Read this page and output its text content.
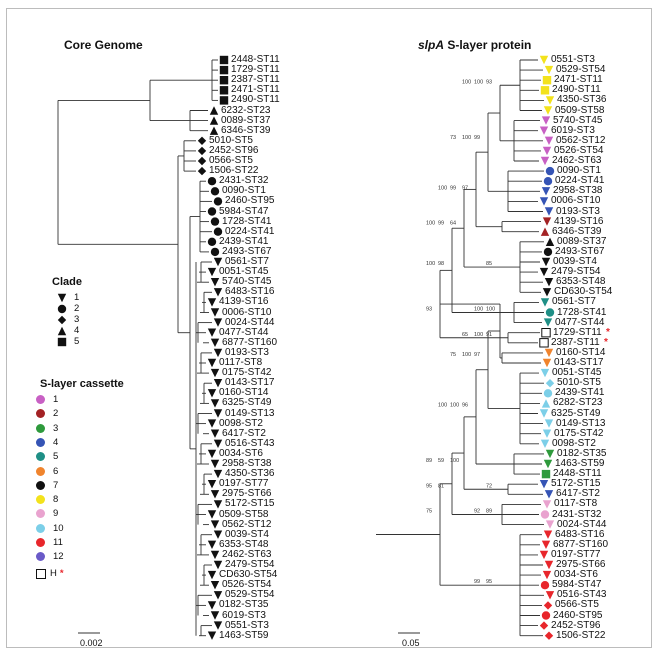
Core Genome	slpA S-layer protein
93
99
97
64
98
93
91
97
96
100
81
75
95
100
100
99
99
100
100
100
100
100
59
95
89
99
100
73
100
100
85
100
65
75
100
89
72
92
2448-ST11
1729-ST11
2387-ST11
2471-ST11
2490-ST11
6232-ST23
0089-ST37
6346-ST39
5010-ST5
2452-ST96
0566-ST5
1506-ST22
2431-ST32
0090-ST1
2460-ST95
5984-ST47
1728-ST41
0224-ST41
2439-ST41
2493-ST67
0561-ST7
0051-ST45
5740-ST45
6483-ST16
4139-ST16
0006-ST10
0024-ST44
0477-ST44
6877-ST160
0193-ST3
0117-ST8
0175-ST42
0143-ST17
0160-ST14
6325-ST49
0149-ST13
0098-ST2
6417-ST2
0516-ST43
0034-ST6
2958-ST38
4350-ST36
0197-ST77
2975-ST66
5172-ST15
0509-ST58
0562-ST12
0039-ST4
6353-ST48
2462-ST63
2479-ST54
CD630-ST54
0526-ST54
0529-ST54
0182-ST35
6019-ST3
0551-ST3
1463-ST59
0551-ST3
0529-ST54
2471-ST11
2490-ST11
4350-ST36
0509-ST58
5740-ST45
6019-ST3
0562-ST12
0526-ST54
2462-ST63
0090-ST1
0224-ST41
2958-ST38
0006-ST10
0193-ST3
4139-ST16
6346-ST39
0089-ST37
2493-ST67
0039-ST4
2479-ST54
6353-ST48
CD630-ST54
0561-ST7
1728-ST41
0477-ST44
1729-ST11 *
2387-ST11 *
0160-ST14
0143-ST17
0051-ST45
5010-ST5
2439-ST41
6282-ST23
6325-ST49
0149-ST13
0175-ST42
0098-ST2
0182-ST35
1463-ST59
2448-ST11
5172-ST15
6417-ST2
0117-ST8
2431-ST32
0024-ST44
6483-ST16
6877-ST160
0197-ST77
2975-ST66
0034-ST6
5984-ST47
0516-ST43
0566-ST5
2460-ST95
2452-ST96
1506-ST22
Clade
1
2
3
4
5
S-layer cassette
1
2
3
4
5
6
7
8
9
10
11
12
H *
0.002	0.05
